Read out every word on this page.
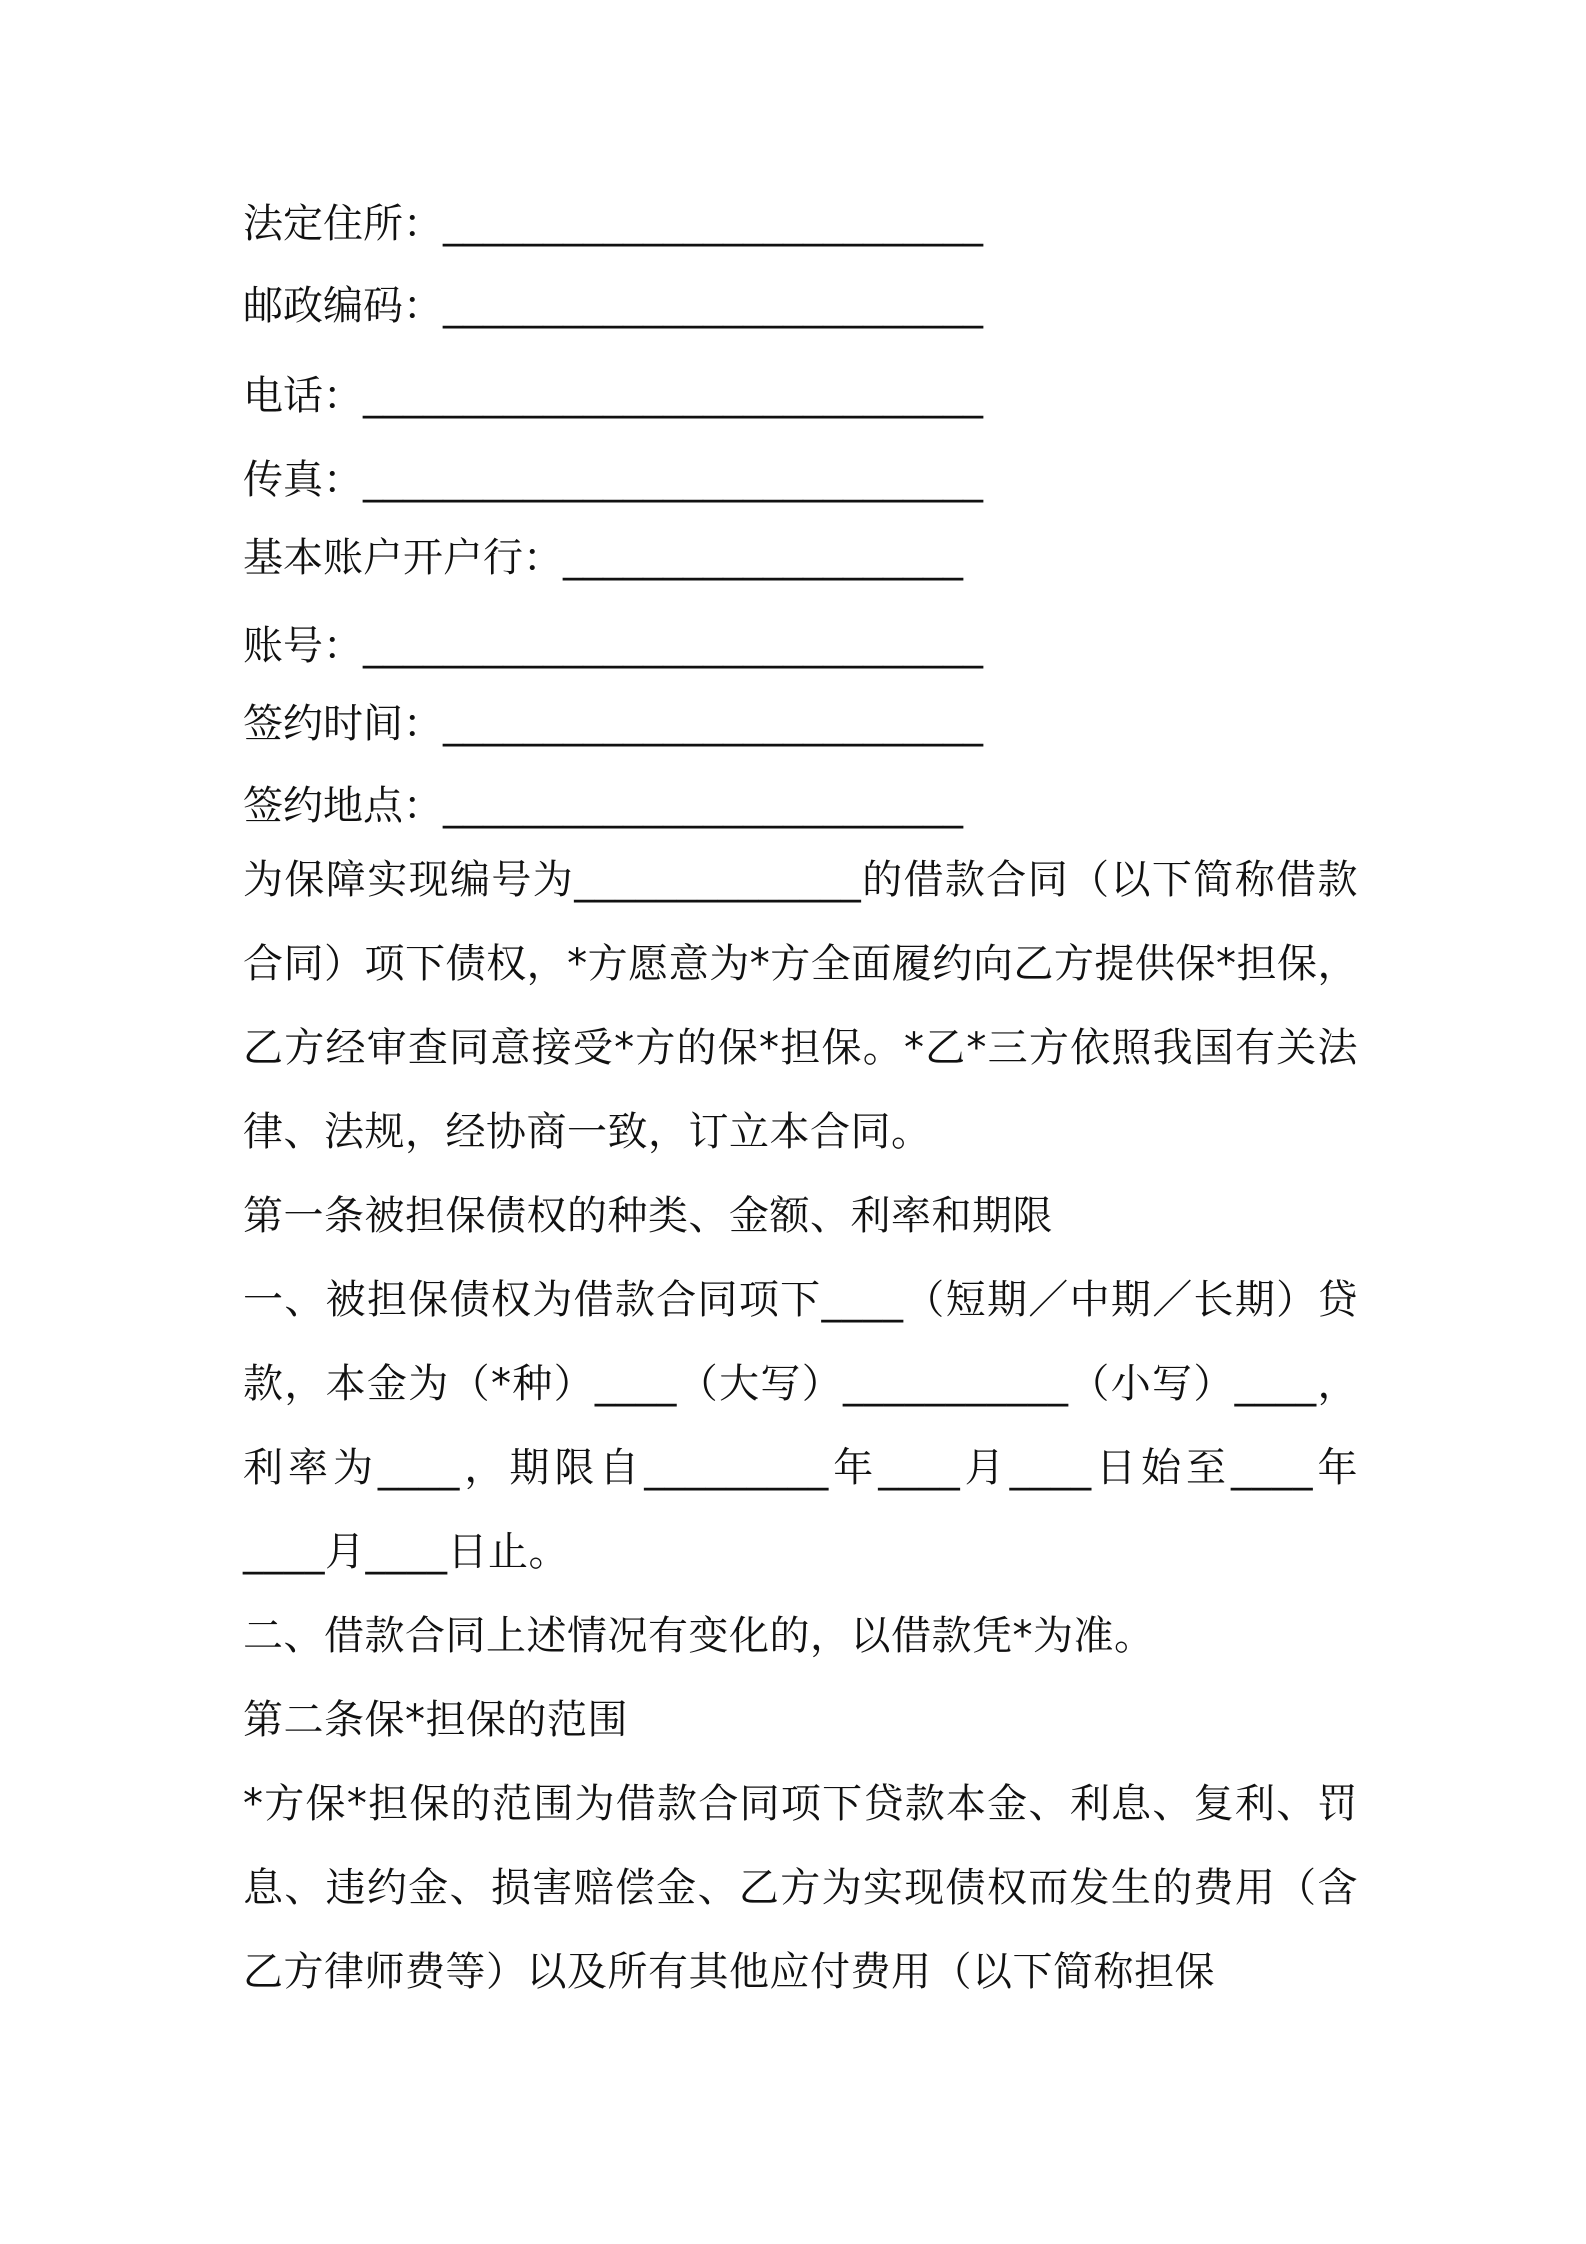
法定住所：___________________________
邮政编码：___________________________
电话：_______________________________
传真：_______________________________
基本账户开户行：____________________
账号：_______________________________
签约时间：___________________________
签约地点：__________________________
为保障实现编号为______________的借款合同（以下简称借款合同）项下债权，*方愿意为*方全面履约向乙方提供保*担保，乙方经审查同意接受*方的保*担保。*乙*三方依照我国有关法律、法规，经协商一致，订立本合同。
第一条被担保债权的种类、金额、利率和期限
一、被担保债权为借款合同项下____（短期／中期／长期）贷款，本金为（*种）____（大写）___________（小写）____，利率为____，期限自_________年____月____日始至____年____月____日止。
二、借款合同上述情况有变化的，以借款凭*为准。
第二条保*担保的范围
*方保*担保的范围为借款合同项下贷款本金、利息、复利、罚息、违约金、损害赔偿金、乙方为实现债权而发生的费用（含乙方律师费等）以及所有其他应付费用（以下简称担保
